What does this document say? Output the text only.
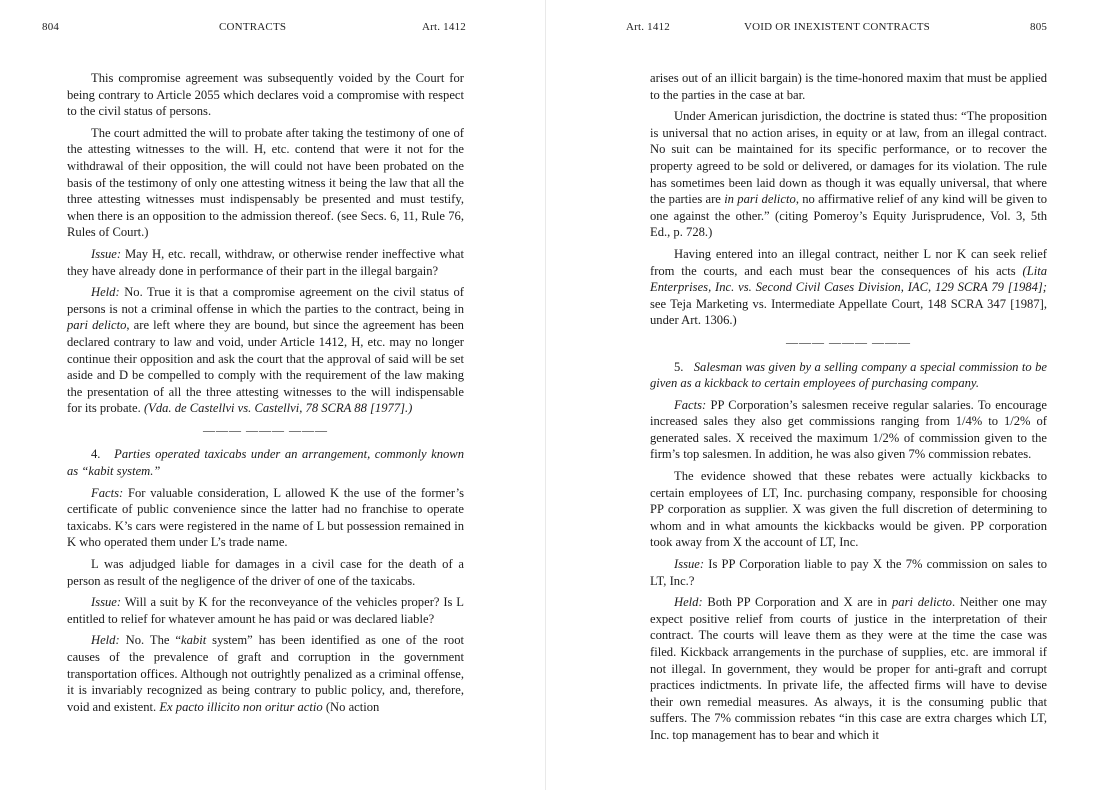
804	CONTRACTS	Art. 1412

This compromise agreement was subsequently voided by the Court for being contrary to Article 2055 which declares void a compromise with respect to the civil status of persons.

The court admitted the will to probate after taking the testimony of one of the attesting witnesses to the will. H, etc. contend that were it not for the withdrawal of their opposition, the will could not have been probated on the basis of the testimony of only one attesting witness it being the law that all the three attesting witnesses must indispensably be presented and must testify, when there is an opposition to the admission thereof. (see Secs. 6, 11, Rule 76, Rules of Court.)

Issue: May H, etc. recall, withdraw, or otherwise render ineffective what they have already done in performance of their part in the illegal bargain?

Held: No. True it is that a compromise agreement on the civil status of persons is not a criminal offense in which the parties to the contract, being in pari delicto, are left where they are bound, but since the agreement has been declared contrary to law and void, under Article 1412, H, etc. may no longer continue their opposition and ask the court that the approval of said will be set aside and D be compelled to comply with the requirement of the law making the presentation of all the three attesting witnesses to the will indispensable for its probate. (Vda. de Castellvi vs. Castellvi, 78 SCRA 88 [1977].)

——— ——— ———

4. Parties operated taxicabs under an arrangement, commonly known as “kabit system.”

Facts: For valuable consideration, L allowed K the use of the former’s certificate of public convenience since the latter had no franchise to operate taxicabs. K’s cars were registered in the name of L but possession remained in K who operated them under L’s trade name.

L was adjudged liable for damages in a civil case for the death of a person as result of the negligence of the driver of one of the taxicabs.

Issue: Will a suit by K for the reconveyance of the vehicles proper? Is L entitled to relief for whatever amount he has paid or was declared liable?

Held: No. The “kabit system” has been identified as one of the root causes of the prevalence of graft and corruption in the government transportation offices. Although not outrightly penalized as a criminal offense, it is invariably recognized as being contrary to public policy, and, therefore, void and existent. Ex pacto illicito non oritur actio (No action

Art. 1412	VOID OR INEXISTENT CONTRACTS	805

arises out of an illicit bargain) is the time-honored maxim that must be applied to the parties in the case at bar.

Under American jurisdiction, the doctrine is stated thus: “The proposition is universal that no action arises, in equity or at law, from an illegal contract. No suit can be maintained for its specific performance, or to recover the property agreed to be sold or delivered, or damages for its violation. The rule has sometimes been laid down as though it was equally universal, that where the parties are in pari delicto, no affirmative relief of any kind will be given to one against the other.” (citing Pomeroy’s Equity Jurisprudence, Vol. 3, 5th Ed., p. 728.)

Having entered into an illegal contract, neither L nor K can seek relief from the courts, and each must bear the consequences of his acts (Lita Enterprises, Inc. vs. Second Civil Cases Division, IAC, 129 SCRA 79 [1984]; see Teja Marketing vs. Intermediate Appellate Court, 148 SCRA 347 [1987], under Art. 1306.)

——— ——— ———

5. Salesman was given by a selling company a special commission to be given as a kickback to certain employees of purchasing company.

Facts: PP Corporation’s salesmen receive regular salaries. To encourage increased sales they also get commissions ranging from 1/4% to 1/2% of generated sales. X received the maximum 1/2% of commission given to the firm’s top salesmen. In addition, he was also given 7% commission rebates.

The evidence showed that these rebates were actually kickbacks to certain employees of LT, Inc. purchasing company, responsible for choosing PP corporation as supplier. X was given the full discretion of determining to whom and in what amounts the kickbacks would be given. PP corporation took away from X the account of LT, Inc.

Issue: Is PP Corporation liable to pay X the 7% commission on sales to LT, Inc.?

Held: Both PP Corporation and X are in pari delicto. Neither one may expect positive relief from courts of justice in the interpretation of their contract. The courts will leave them as they were at the time the case was filed. Kickback arrangements in the purchase of supplies, etc. are immoral if not illegal. In government, they would be proper for anti-graft and corrupt practices indictments. In private life, the affected firms will have to devise their own remedial measures. As always, it is the consuming public that suffers. The 7% commission rebates “in this case are extra charges which LT, Inc. top management has to bear and which it
